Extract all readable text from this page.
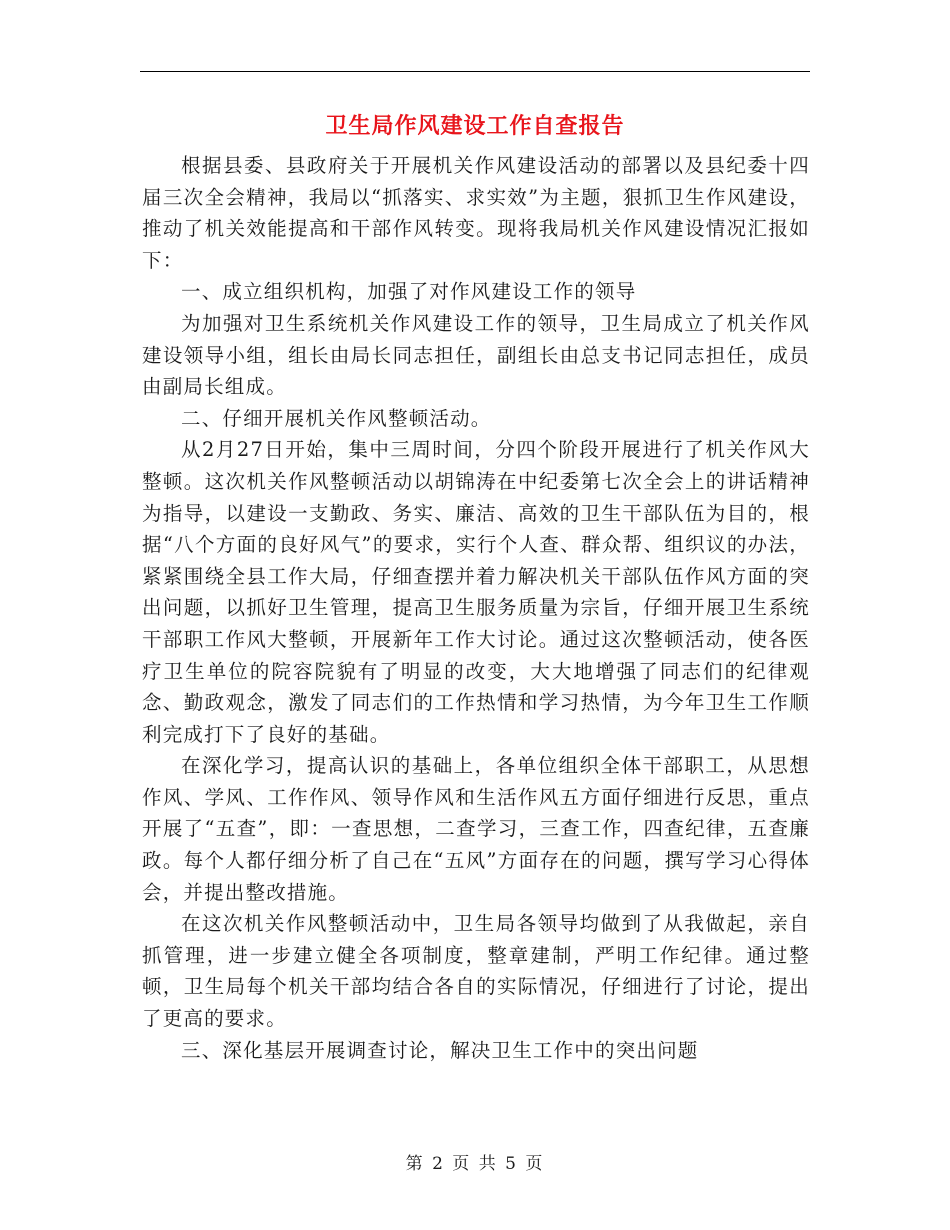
卫生局作风建设工作自查报告

根据县委、县政府关于开展机关作风建设活动的部署以及县纪委十四届三次全会精神，我局以“抓落实、求实效”为主题，狠抓卫生作风建设，推动了机关效能提高和干部作风转变。现将我局机关作风建设情况汇报如下：

一、成立组织机构，加强了对作风建设工作的领导

为加强对卫生系统机关作风建设工作的领导，卫生局成立了机关作风建设领导小组，组长由局长同志担任，副组长由总支书记同志担任，成员由副局长组成。

二、仔细开展机关作风整顿活动。

从2月27日开始，集中三周时间，分四个阶段开展进行了机关作风大整顿。这次机关作风整顿活动以胡锦涛在中纪委第七次全会上的讲话精神为指导，以建设一支勤政、务实、廉洁、高效的卫生干部队伍为目的，根据“八个方面的良好风气”的要求，实行个人查、群众帮、组织议的办法，紧紧围绕全县工作大局，仔细查摆并着力解决机关干部队伍作风方面的突出问题，以抓好卫生管理，提高卫生服务质量为宗旨，仔细开展卫生系统干部职工作风大整顿，开展新年工作大讨论。通过这次整顿活动，使各医疗卫生单位的院容院貌有了明显的改变，大大地增强了同志们的纪律观念、勤政观念，激发了同志们的工作热情和学习热情，为今年卫生工作顺利完成打下了良好的基础。

在深化学习，提高认识的基础上，各单位组织全体干部职工，从思想作风、学风、工作作风、领导作风和生活作风五方面仔细进行反思，重点开展了“五查”，即：一查思想，二查学习，三查工作，四查纪律，五查廉政。每个人都仔细分析了自己在“五风”方面存在的问题，撰写学习心得体会，并提出整改措施。

在这次机关作风整顿活动中，卫生局各领导均做到了从我做起，亲自抓管理，进一步建立健全各项制度，整章建制，严明工作纪律。通过整顿，卫生局每个机关干部均结合各自的实际情况，仔细进行了讨论，提出了更高的要求。

三、深化基层开展调查讨论，解决卫生工作中的突出问题

第 2 页 共 5 页
